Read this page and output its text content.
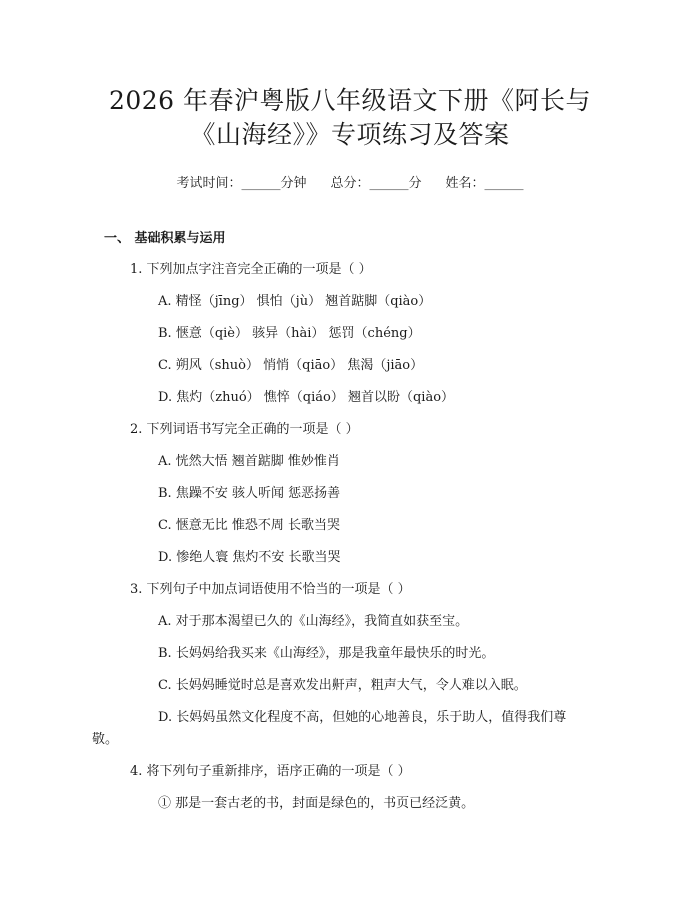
2026 年春沪粤版八年级语文下册《阿长与
《山海经》》专项练习及答案
考试时间：______分钟 总分：______分 姓名：______
一、 基础积累与运用
1. 下列加点字注音完全正确的一项是（ ）
A. 精怪（jīng） 惧怕（jù） 翘首踮脚（qiào）
B. 惬意（qiè） 骇异（hài） 惩罚（chéng）
C. 朔风（shuò） 悄悄（qiāo） 焦渴（jiāo）
D. 焦灼（zhuó） 憔悴（qiáo） 翘首以盼（qiào）
2. 下列词语书写完全正确的一项是（ ）
A. 恍然大悟 翘首踮脚 惟妙惟肖
B. 焦躁不安 骇人听闻 惩恶扬善
C. 惬意无比 惟恐不周 长歌当哭
D. 惨绝人寰 焦灼不安 长歌当哭
3. 下列句子中加点词语使用不恰当的一项是（ ）
A. 对于那本渴望已久的《山海经》，我简直如获至宝。
B. 长妈妈给我买来《山海经》，那是我童年最快乐的时光。
C. 长妈妈睡觉时总是喜欢发出鼾声，粗声大气，令人难以入眠。
D. 长妈妈虽然文化程度不高，但她的心地善良，乐于助人，值得我们尊
敬。
4. 将下列句子重新排序，语序正确的一项是（ ）
① 那是一套古老的书，封面是绿色的，书页已经泛黄。
